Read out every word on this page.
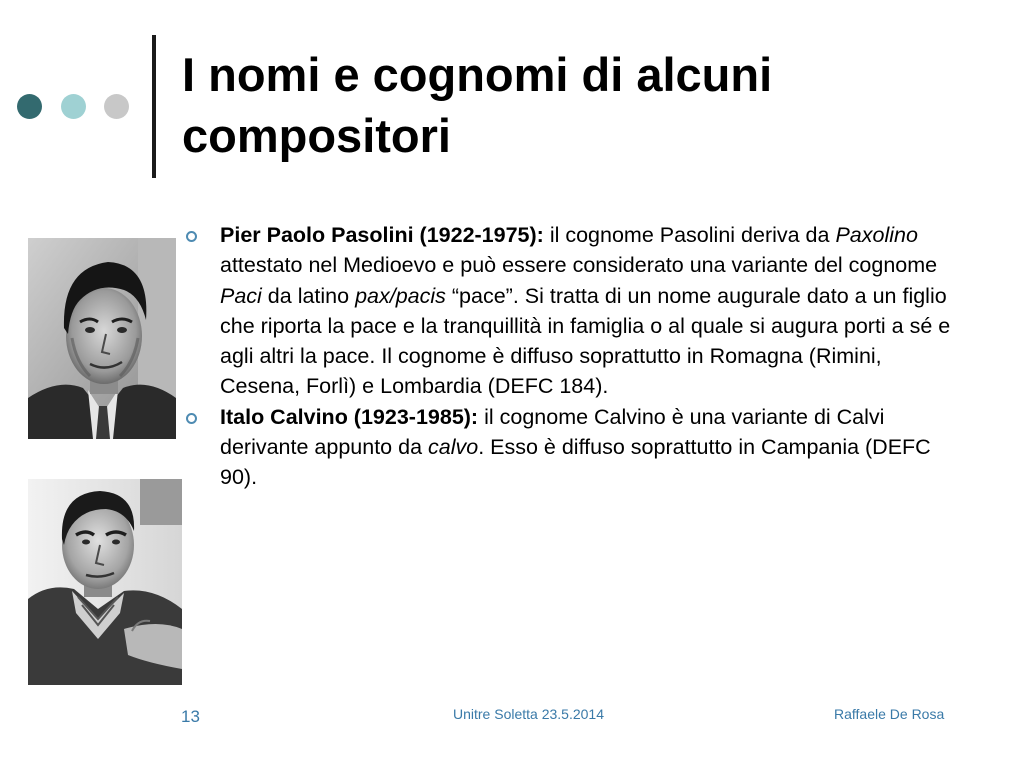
I nomi e cognomi di alcuni
compositori
Pier Paolo Pasolini (1922-1975): il cognome Pasolini deriva da Paxolino attestato nel Medioevo e può essere considerato una variante del cognome Paci da latino pax/pacis “pace”. Si tratta di un nome augurale dato a un figlio che riporta la pace e la tranquillità in famiglia o al quale si augura porti a sé e agli altri la pace. Il cognome è diffuso soprattutto in Romagna (Rimini, Cesena, Forlì) e Lombardia (DEFC 184).
Italo Calvino (1923-1985): il cognome Calvino è una variante di Calvi derivante appunto da calvo. Esso è diffuso soprattutto in Campania (DEFC 90).
13	Unitre Soletta 23.5.2014	Raffaele De Rosa
